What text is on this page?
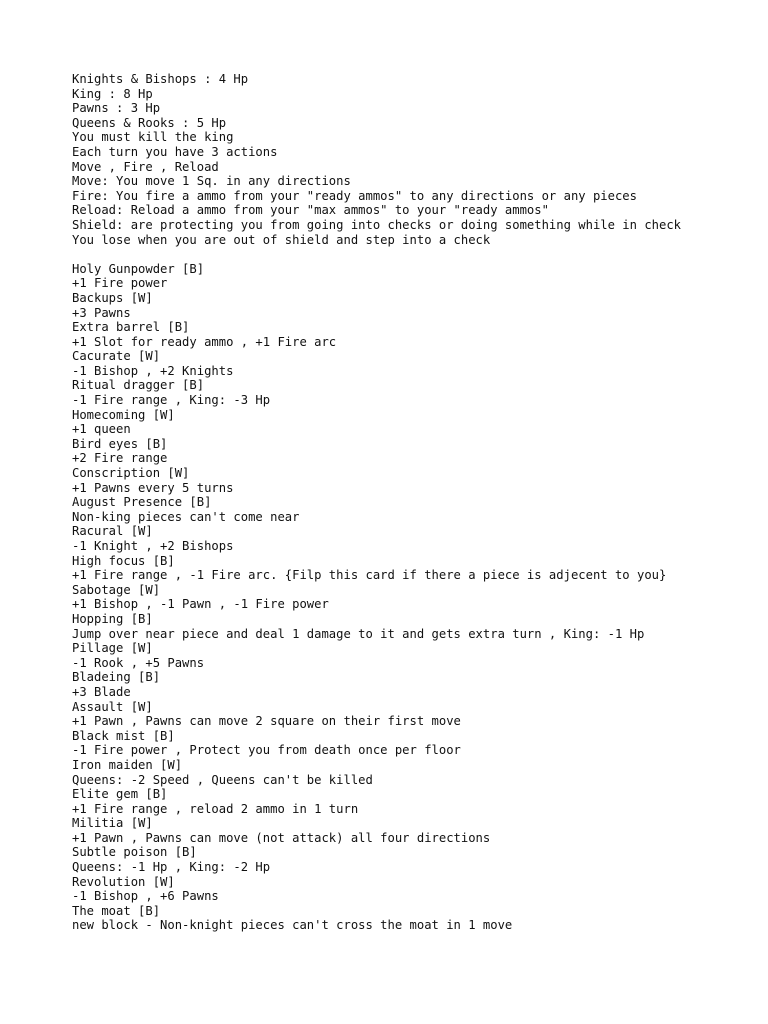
Knights & Bishops : 4 Hp
King : 8 Hp
Pawns : 3 Hp
Queens & Rooks : 5 Hp
You must kill the king
Each turn you have 3 actions
Move , Fire , Reload
Move: You move 1 Sq. in any directions
Fire: You fire a ammo from your "ready ammos" to any directions or any pieces
Reload: Reload a ammo from your "max ammos" to your "ready ammos"
Shield: are protecting you from going into checks or doing something while in check
You lose when you are out of shield and step into a check
Holy Gunpowder [B]
+1 Fire power
Backups [W]
+3 Pawns
Extra barrel [B]
+1 Slot for ready ammo , +1 Fire arc
Cacurate [W]
-1 Bishop , +2 Knights
Ritual dragger [B]
-1 Fire range , King: -3 Hp
Homecoming [W]
+1 queen
Bird eyes [B]
+2 Fire range
Conscription [W]
+1 Pawns every 5 turns
August Presence [B]
Non-king pieces can't come near
Racural [W]
-1 Knight , +2 Bishops
High focus [B]
+1 Fire range , -1 Fire arc. {Filp this card if there a piece is adjecent to you}
Sabotage [W]
+1 Bishop , -1 Pawn , -1 Fire power
Hopping [B]
Jump over near piece and deal 1 damage to it and gets extra turn , King: -1 Hp
Pillage [W]
-1 Rook , +5 Pawns
Bladeing [B]
+3 Blade
Assault [W]
+1 Pawn , Pawns can move 2 square on their first move
Black mist [B]
-1 Fire power , Protect you from death once per floor
Iron maiden [W]
Queens: -2 Speed , Queens can't be killed
Elite gem [B]
+1 Fire range , reload 2 ammo in 1 turn
Militia [W]
+1 Pawn , Pawns can move (not attack) all four directions
Subtle poison [B]
Queens: -1 Hp , King: -2 Hp
Revolution [W]
-1 Bishop , +6 Pawns
The moat [B]
new block - Non-knight pieces can't cross the moat in 1 move
